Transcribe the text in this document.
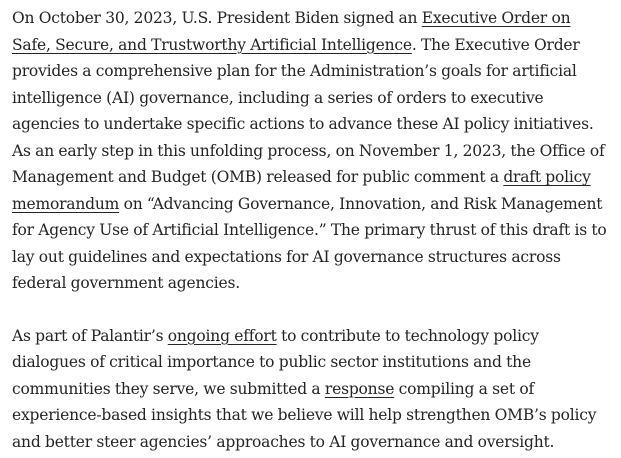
On October 30, 2023, U.S. President Biden signed an Executive Order on Safe, Secure, and Trustworthy Artificial Intelligence. The Executive Order provides a comprehensive plan for the Administration’s goals for artificial intelligence (AI) governance, including a series of orders to executive agencies to undertake specific actions to advance these AI policy initiatives. As an early step in this unfolding process, on November 1, 2023, the Office of Management and Budget (OMB) released for public comment a draft policy memorandum on “Advancing Governance, Innovation, and Risk Management for Agency Use of Artificial Intelligence.” The primary thrust of this draft is to lay out guidelines and expectations for AI governance structures across federal government agencies.

As part of Palantir’s ongoing effort to contribute to technology policy dialogues of critical importance to public sector institutions and the communities they serve, we submitted a response compiling a set of experience-based insights that we believe will help strengthen OMB’s policy and better steer agencies’ approaches to AI governance and oversight.
